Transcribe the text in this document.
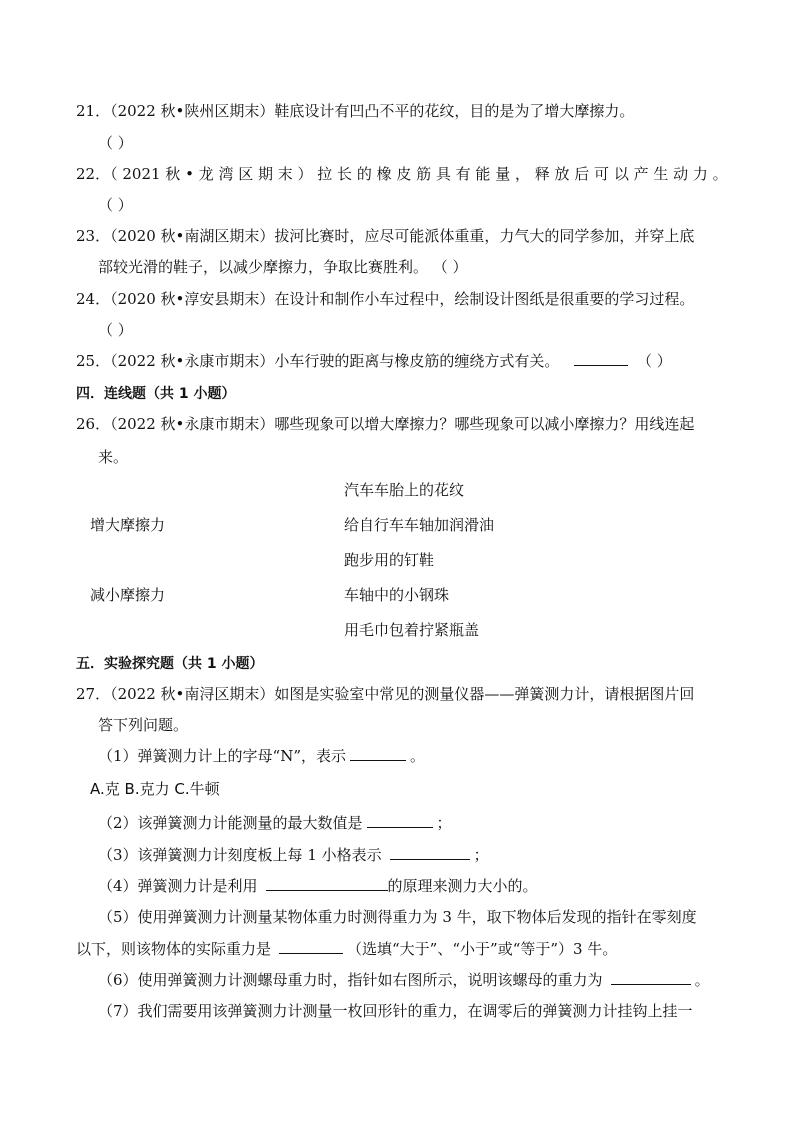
21．（2022 秋•陕州区期末）鞋底设计有凹凸不平的花纹，目的是为了增大摩擦力。
（ ）
22．（ 2021 秋 • 龙 湾 区 期 末 ） 拉 长 的 橡 皮 筋 具 有 能 量 ， 释 放 后 可 以 产 生 动 力 。
（ ）
23．（2020 秋•南湖区期末）拔河比赛时，应尽可能派体重重，力气大的同学参加，并穿上底
部较光滑的鞋子，以减少摩擦力，争取比赛胜利。 （ ）
24．（2020 秋•淳安县期末）在设计和制作小车过程中，绘制设计图纸是很重要的学习过程。
（ ）
25．（2022 秋•永康市期末）小车行驶的距离与橡皮筋的缠绕方式有关。	（ ）
四．连线题（共 1 小题）
26．（2022 秋•永康市期末）哪些现象可以增大摩擦力？哪些现象可以减小摩擦力？用线连起
来。
汽车车胎上的花纹
增大摩擦力	给自行车车轴加润滑油
跑步用的钉鞋
减小摩擦力	车轴中的小钢珠
用毛巾包着拧紧瓶盖
五．实验探究题（共 1 小题）
27．（2022 秋•南浔区期末）如图是实验室中常见的测量仪器——弹簧测力计，请根据图片回
答下列问题。
（1）弹簧测力计上的字母“N”，表示	。
A.克 B.克力 C.牛顿
（2）该弹簧测力计能测量的最大数值是	；
（3）该弹簧测力计刻度板上每 1 小格表示	；
（4）弹簧测力计是利用	的原理来测力大小的。
（5）使用弹簧测力计测量某物体重力时测得重力为 3 牛，取下物体后发现的指针在零刻度
以下，则该物体的实际重力是	（选填“大于”、“小于”或“等于”）3 牛。
（6）使用弹簧测力计测螺母重力时，指针如右图所示，说明该螺母的重力为	。
（7）我们需要用该弹簧测力计测量一枚回形针的重力，在调零后的弹簧测力计挂钩上挂一
